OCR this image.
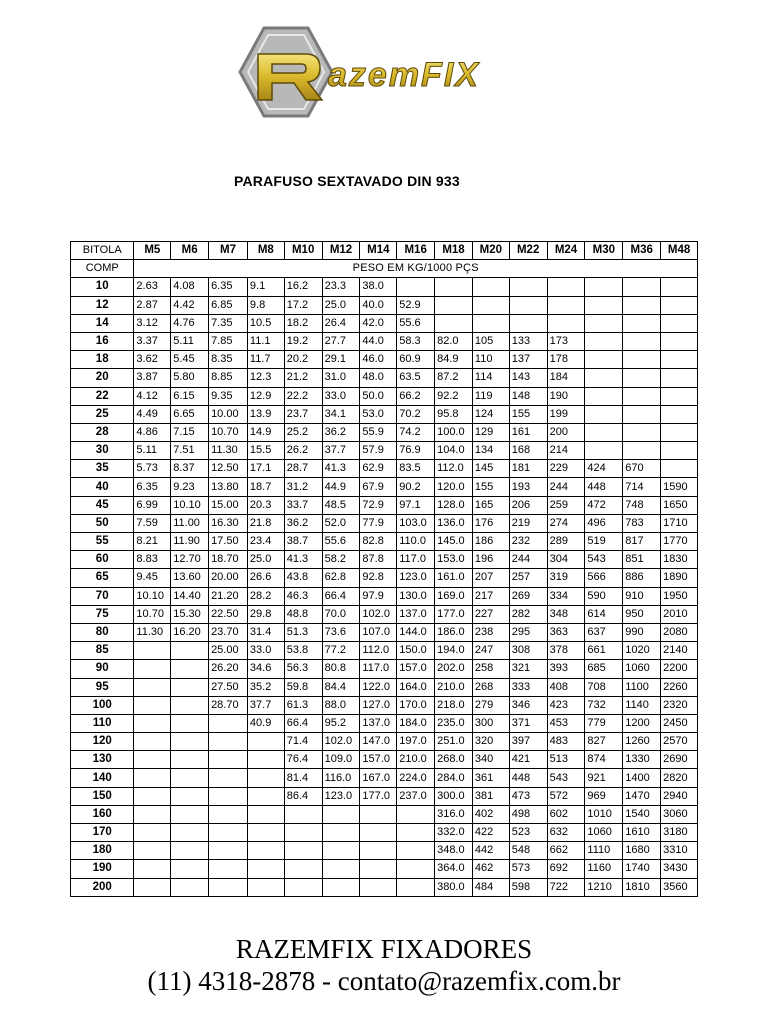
azemFIX
PARAFUSO SEXTAVADO DIN 933
BITOLA	M5	M6	M7	M8	M10	M12	M14	M16	M18	M20	M22	M24	M30	M36	M48
COMP	PESO EM KG/1000 PÇS														
10	2.63	4.08	6.35	9.1	16.2	23.3	38.0								
12	2.87	4.42	6.85	9.8	17.2	25.0	40.0	52.9							
14	3.12	4.76	7.35	10.5	18.2	26.4	42.0	55.6							
16	3.37	5.11	7.85	11.1	19.2	27.7	44.0	58.3	82.0	105	133	173			
18	3.62	5.45	8.35	11.7	20.2	29.1	46.0	60.9	84.9	110	137	178			
20	3.87	5.80	8.85	12.3	21.2	31.0	48.0	63.5	87.2	114	143	184			
22	4.12	6.15	9.35	12.9	22.2	33.0	50.0	66.2	92.2	119	148	190			
25	4.49	6.65	10.00	13.9	23.7	34.1	53.0	70.2	95.8	124	155	199			
28	4.86	7.15	10.70	14.9	25.2	36.2	55.9	74.2	100.0	129	161	200			
30	5.11	7.51	11.30	15.5	26.2	37.7	57.9	76.9	104.0	134	168	214			
35	5.73	8.37	12.50	17.1	28.7	41.3	62.9	83.5	112.0	145	181	229	424	670	
40	6.35	9.23	13.80	18.7	31.2	44.9	67.9	90.2	120.0	155	193	244	448	714	1590
45	6.99	10.10	15.00	20.3	33.7	48.5	72.9	97.1	128.0	165	206	259	472	748	1650
50	7.59	11.00	16.30	21.8	36.2	52.0	77.9	103.0	136.0	176	219	274	496	783	1710
55	8.21	11.90	17.50	23.4	38.7	55.6	82.8	110.0	145.0	186	232	289	519	817	1770
60	8.83	12.70	18.70	25.0	41.3	58.2	87.8	117.0	153.0	196	244	304	543	851	1830
65	9.45	13.60	20.00	26.6	43.8	62.8	92.8	123.0	161.0	207	257	319	566	886	1890
70	10.10	14.40	21.20	28.2	46.3	66.4	97.9	130.0	169.0	217	269	334	590	910	1950
75	10.70	15.30	22.50	29.8	48.8	70.0	102.0	137.0	177.0	227	282	348	614	950	2010
80	11.30	16.20	23.70	31.4	51.3	73.6	107.0	144.0	186.0	238	295	363	637	990	2080
85			25.00	33.0	53.8	77.2	112.0	150.0	194.0	247	308	378	661	1020	2140
90			26.20	34.6	56.3	80.8	117.0	157.0	202.0	258	321	393	685	1060	2200
95			27.50	35.2	59.8	84.4	122.0	164.0	210.0	268	333	408	708	1100	2260
100			28.70	37.7	61.3	88.0	127.0	170.0	218.0	279	346	423	732	1140	2320
110				40.9	66.4	95.2	137.0	184.0	235.0	300	371	453	779	1200	2450
120					71.4	102.0	147.0	197.0	251.0	320	397	483	827	1260	2570
130					76.4	109.0	157.0	210.0	268.0	340	421	513	874	1330	2690
140					81.4	116.0	167.0	224.0	284.0	361	448	543	921	1400	2820
150					86.4	123.0	177.0	237.0	300.0	381	473	572	969	1470	2940
160									316.0	402	498	602	1010	1540	3060
170									332.0	422	523	632	1060	1610	3180
180									348.0	442	548	662	1110	1680	3310
190									364.0	462	573	692	1160	1740	3430
200									380.0	484	598	722	1210	1810	3560
RAZEMFIX FIXADORES
(11) 4318-2878 - contato@razemfix.com.br
